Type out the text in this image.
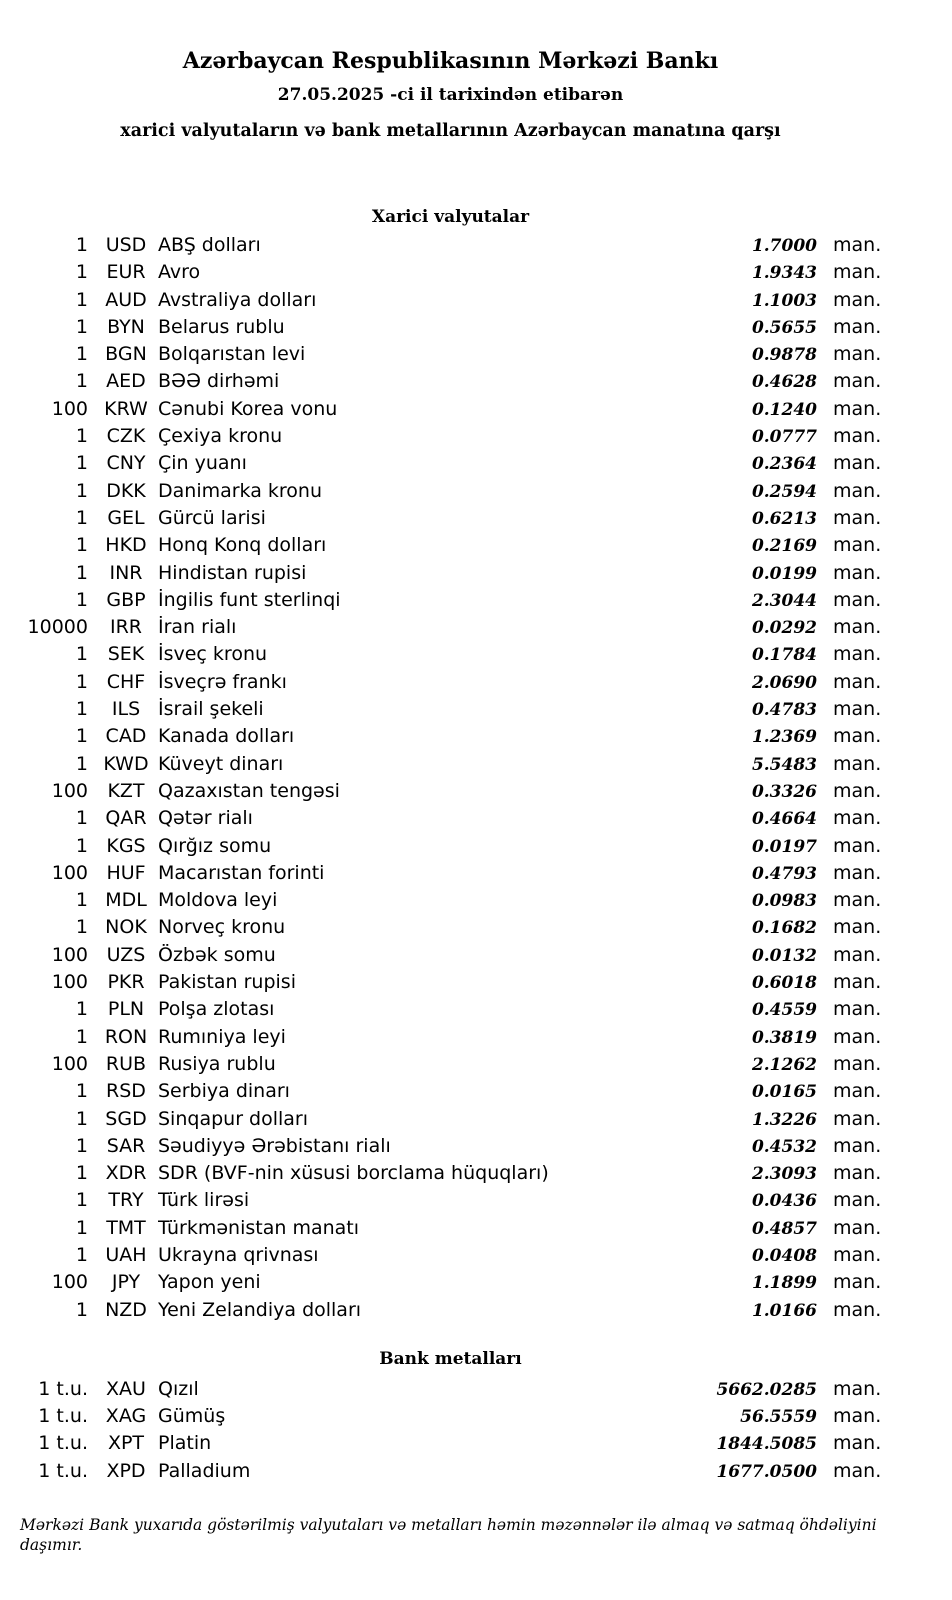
Azərbaycan Respublikasının Mərkəzi Bankı
27.05.2025 -ci il tarixindən etibarən
xarici valyutaların və bank metallarının Azərbaycan manatına qarşı
Xarici valyutalar
1 USD ABŞ dolları	1.7000 man.
1 EUR Avro	1.9343 man.
1 AUD Avstraliya dolları	1.1003 man.
1	BYN Belarus rublu	0.5655 man.
1 BGN Bolqarıstan levi	0.9878 man.
1 AED BƏƏ dirhəmi	0.4628 man.
100 KRW Cənubi Korea vonu	0.1240 man.
1 CZK Çexiya kronu	0.0777 man.
1 CNY Çin yuanı	0.2364 man.
1 DKK Danimarka kronu	0.2594 man.
1	GEL Gürcü larisi	0.6213 man.
1 HKD Honq Konq dolları	0.2169 man.
1	INR Hindistan rupisi	0.0199 man.
1 GBP İngilis funt sterlinqi	2.3044 man.
10000	IRR İran rialı	0.0292 man.
1	SEK İsveç kronu	0.1784 man.
1 CHF İsveçrə frankı	2.0690 man.
1	ILS İsrail şekeli	0.4783 man.
1 CAD Kanada dolları	1.2369 man.
1 KWD Küveyt dinarı	5.5483 man.
100	KZT Qazaxıstan tengəsi	0.3326 man.
1 QAR Qətər rialı	0.4664 man.
1 KGS Qırğız somu	0.0197 man.
100 HUF Macarıstan forinti	0.4793 man.
1 MDL Moldova leyi	0.0983 man.
1 NOK Norveç kronu	0.1682 man.
100 UZS Özbək somu	0.0132 man.
100	PKR Pakistan rupisi	0.6018 man.
1	PLN Polşa zlotası	0.4559 man.
1 RON Rumıniya leyi	0.3819 man.
100 RUB Rusiya rublu	2.1262 man.
1 RSD Serbiya dinarı	0.0165 man.
1 SGD Sinqapur dolları	1.3226 man.
1 SAR Səudiyyə Ərəbistanı rialı	0.4532 man.
1 XDR SDR (BVF-nin xüsusi borclama hüquqları)	2.3093 man.
1	TRY Türk lirəsi	0.0436 man.
1 TMT Türkmənistan manatı	0.4857 man.
1 UAH Ukrayna qrivnası	0.0408 man.
100	JPY Yapon yeni	1.1899 man.
1 NZD Yeni Zelandiya dolları	1.0166 man.
Bank metalları
1 t.u. XAU Qızıl	5662.0285 man.
1 t.u. XAG Gümüş	56.5559 man.
1 t.u.	XPT Platin	1844.5085 man.
1 t.u. XPD Palladium	1677.0500 man.
Mərkəzi Bank yuxarıda göstərilmiş valyutaları və metalları həmin məzənnələr ilə almaq və satmaq öhdəliyini daşımır.
